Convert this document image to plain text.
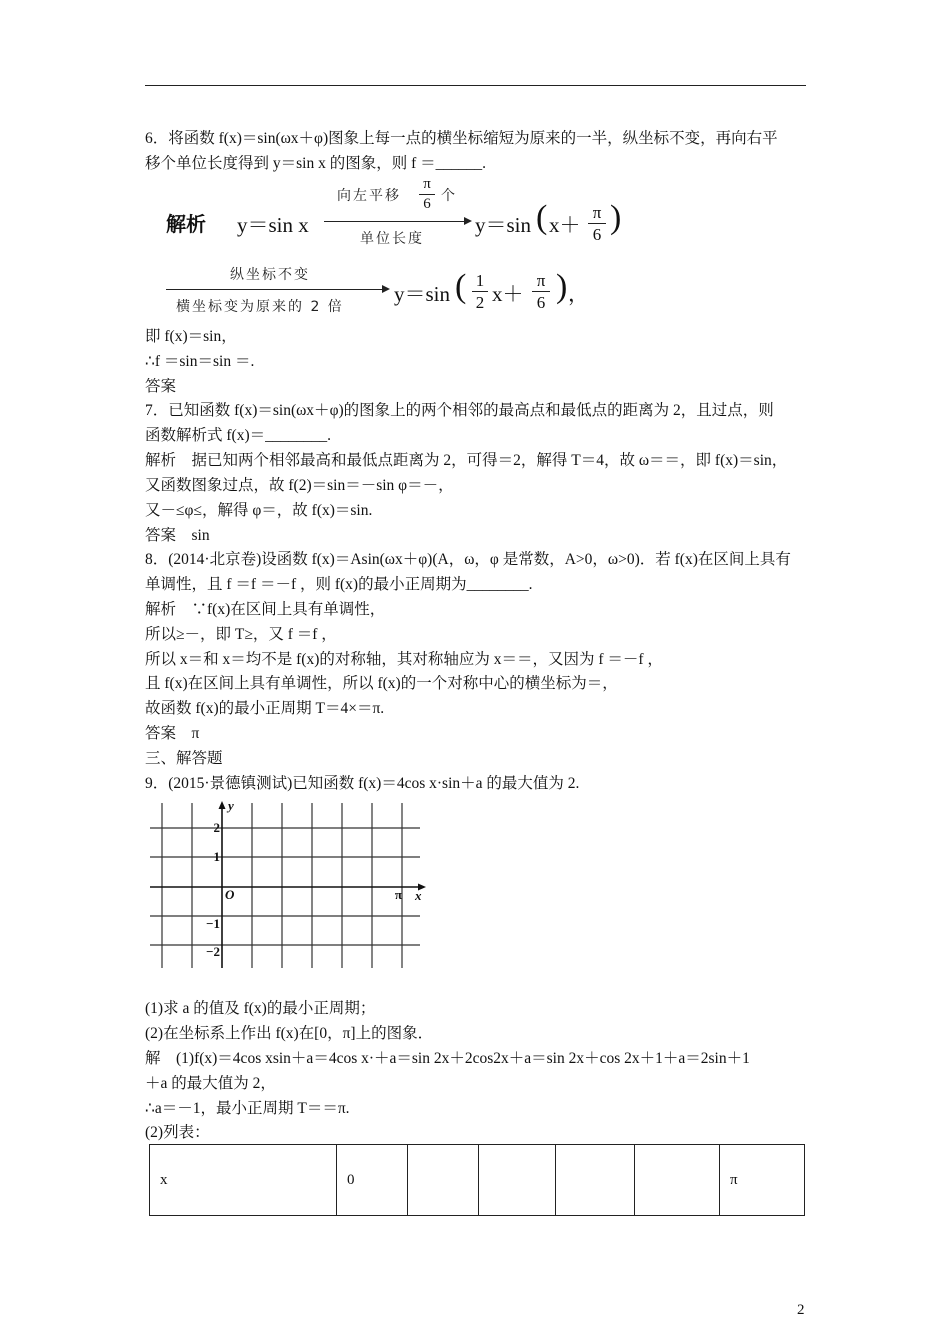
6．将函数 f(x)＝sin(ωx＋φ)图象上每一点的横坐标缩短为原来的一半，纵坐标不变，再向右平
移个单位长度得到 y＝sin x 的图象，则 f ＝______.
解析 y＝sin x
向左平移
π
6 个
单位长度
y＝sin ( x＋
π
6 )
纵坐标不变
横坐标变为原来的 2 倍
y＝sin ( 1
2 x＋
π
6 ) ，
即 f(x)＝sin，
∴f ＝sin＝sin ＝.
答案
7．已知函数 f(x)＝sin(ωx＋φ)的图象上的两个相邻的最高点和最低点的距离为 2，且过点，则
函数解析式 f(x)＝________.
解析　据已知两个相邻最高和最低点距离为 2，可得＝2，解得 T＝4，故 ω＝＝，即 f(x)＝sin，
又函数图象过点，故 f(2)＝sin＝－sin φ＝－，
又－≤φ≤，解得 φ＝，故 f(x)＝sin.
答案　sin
8．(2014·北京卷)设函数 f(x)＝Asin(ωx＋φ)(A，ω，φ 是常数，A>0，ω>0)．若 f(x)在区间上具有
单调性，且 f ＝f ＝－f ，则 f(x)的最小正周期为________.
解析　∵f(x)在区间上具有单调性，
所以≥－，即 T≥，又 f ＝f ，
所以 x＝和 x＝均不是 f(x)的对称轴，其对称轴应为 x＝＝，又因为 f ＝－f ，
且 f(x)在区间上具有单调性，所以 f(x)的一个对称中心的横坐标为＝，
故函数 f(x)的最小正周期 T＝4×＝π.
答案　π
三、解答题
9．(2015·景德镇测试)已知函数 f(x)＝4cos x·sin＋a 的最大值为 2.
y
x
O
2
1
−1
−2
π
(1)求 a 的值及 f(x)的最小正周期；
(2)在坐标系上作出 f(x)在[0，π]上的图象．
解　(1)f(x)＝4cos xsin＋a＝4cos x·＋a＝sin 2x＋2cos2x＋a＝sin 2x＋cos 2x＋1＋a＝2sin＋1
＋a 的最大值为 2，
∴a＝－1，最小正周期 T＝＝π.
(2)列表：
x	0					π
2
